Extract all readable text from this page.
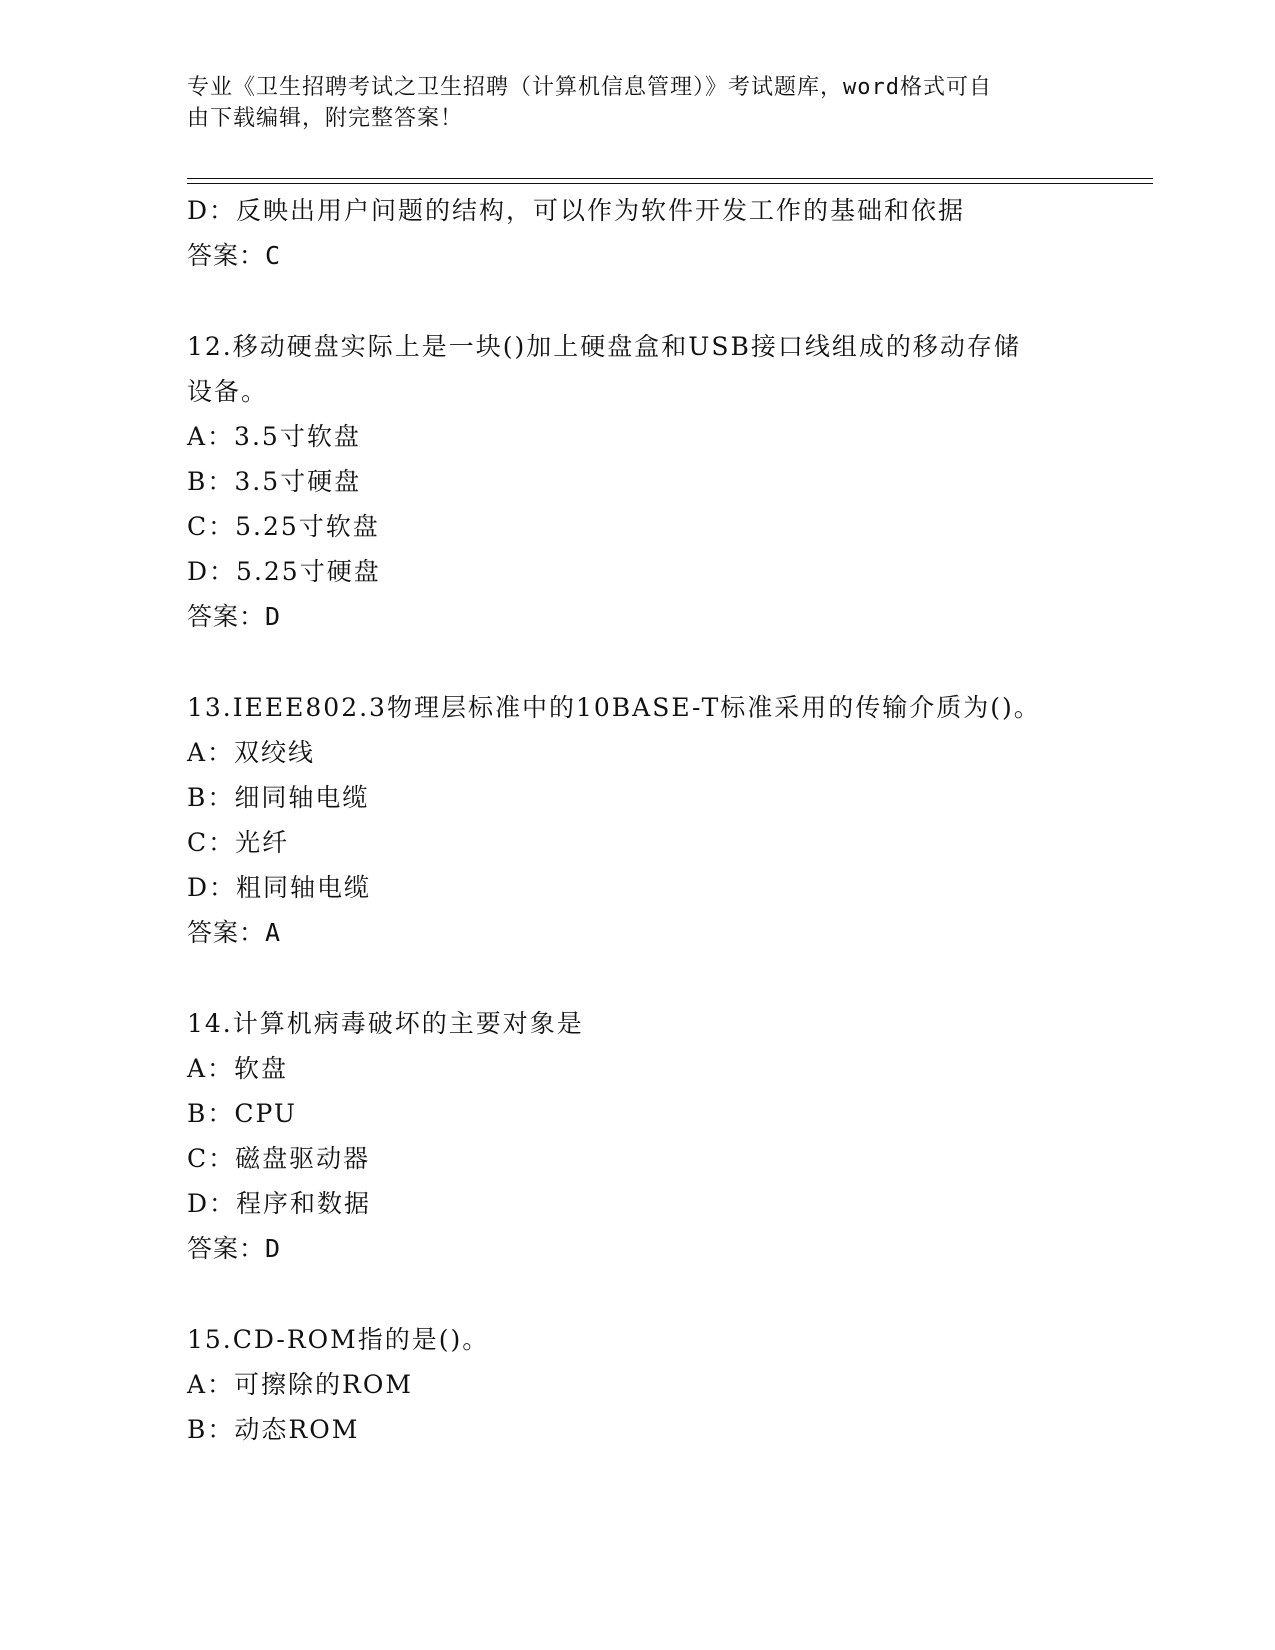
专业《卫生招聘考试之卫生招聘（计算机信息管理）》考试题库，word格式可自
由下载编辑，附完整答案！
D：反映出用户问题的结构，可以作为软件开发工作的基础和依据
答案：C
12.移动硬盘实际上是一块()加上硬盘盒和USB接口线组成的移动存储
设备。
A：3.5寸软盘
B：3.5寸硬盘
C：5.25寸软盘
D：5.25寸硬盘
答案：D
13.IEEE802.3物理层标准中的10BASE-T标准采用的传输介质为()。
A：双绞线
B：细同轴电缆
C：光纤
D：粗同轴电缆
答案：A
14.计算机病毒破坏的主要对象是
A：软盘
B：CPU
C：磁盘驱动器
D：程序和数据
答案：D
15.CD-ROM指的是()。
A：可擦除的ROM
B：动态ROM
